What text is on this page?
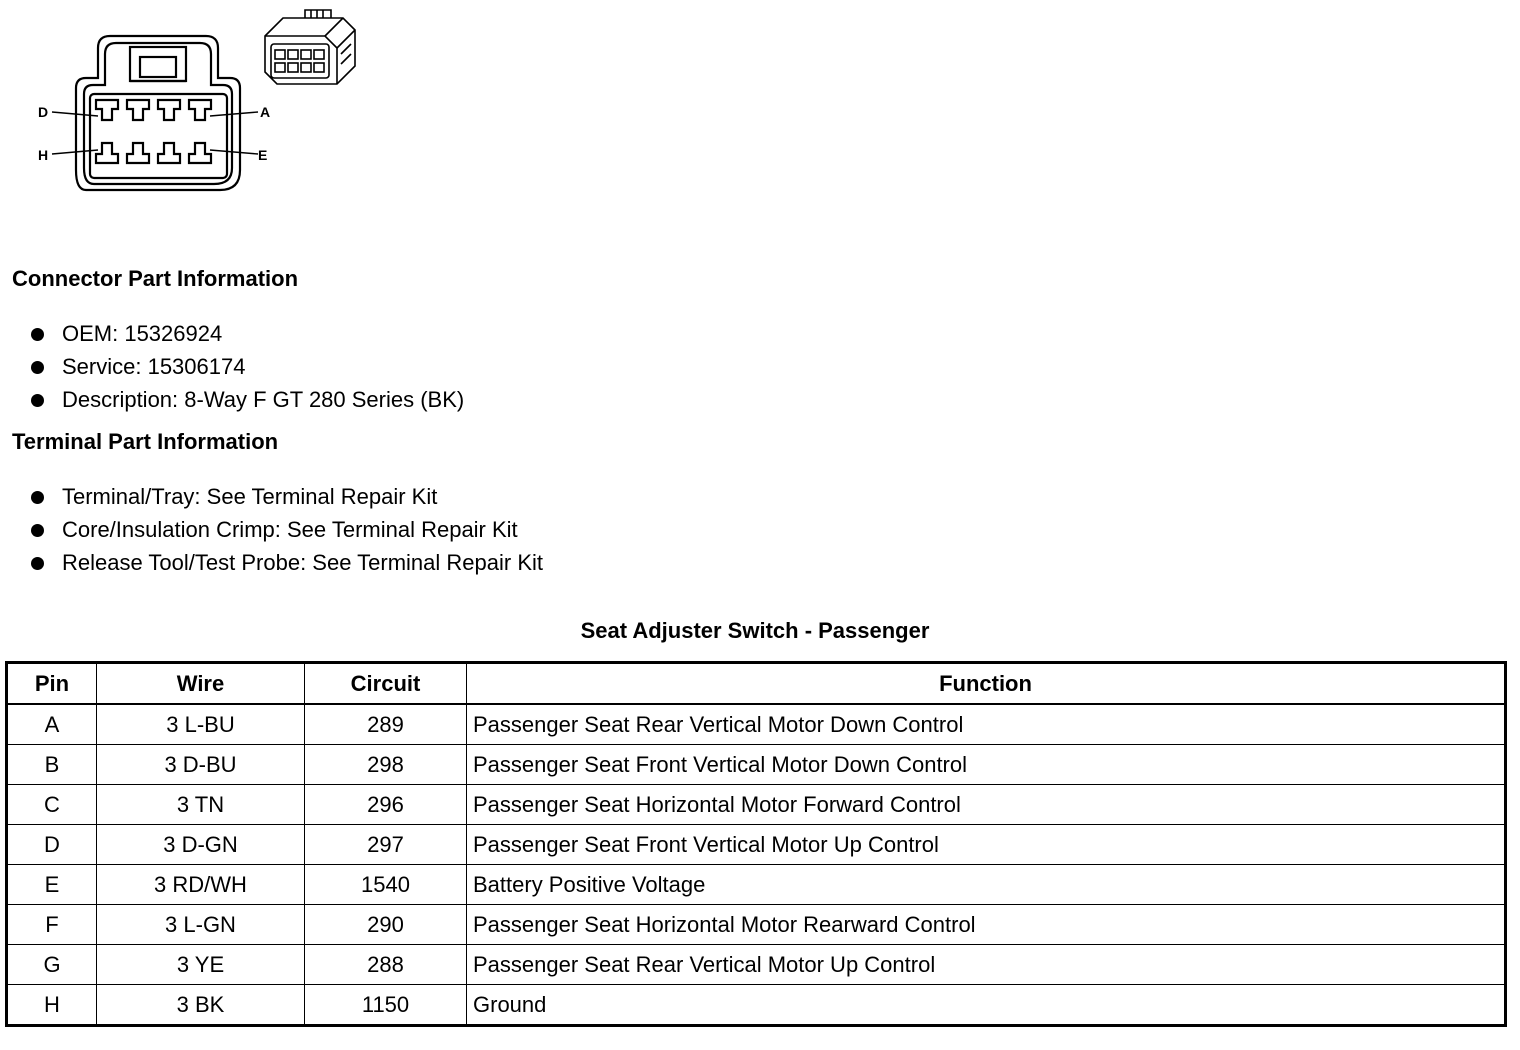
D	A
H	E
Connector Part Information
OEM: 15326924
Service: 15306174
Description: 8-Way F GT 280 Series (BK)
Terminal Part Information
Terminal/Tray: See Terminal Repair Kit
Core/Insulation Crimp: See Terminal Repair Kit
Release Tool/Test Probe: See Terminal Repair Kit
Seat Adjuster Switch - Passenger
Pin	Wire	Circuit	Function
A	3 L-BU	289	Passenger Seat Rear Vertical Motor Down Control
B	3 D-BU	298	Passenger Seat Front Vertical Motor Down Control
C	3 TN	296	Passenger Seat Horizontal Motor Forward Control
D	3 D-GN	297	Passenger Seat Front Vertical Motor Up Control
E	3 RD/WH	1540	Battery Positive Voltage
F	3 L-GN	290	Passenger Seat Horizontal Motor Rearward Control
G	3 YE	288	Passenger Seat Rear Vertical Motor Up Control
H	3 BK	1150	Ground
